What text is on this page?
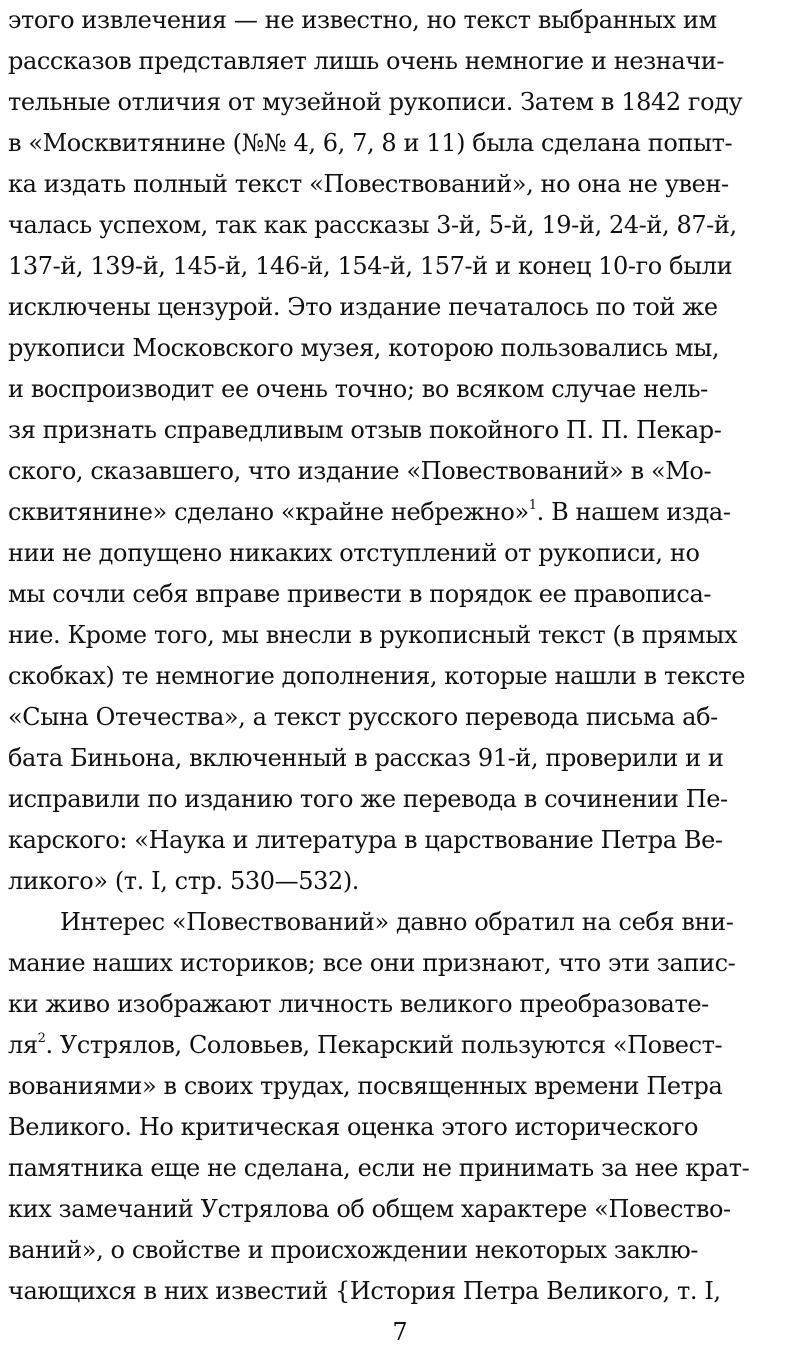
этого извлечения — не известно, но текст выбранных им
рассказов представляет лишь очень немногие и незначи-
тельные отличия от музейной рукописи. Затем в 1842 году
в «Москвитянине (№№ 4, 6, 7, 8 и 11) была сделана попыт-
ка издать полный текст «Повествований», но она не увен-
чалась успехом, так как рассказы 3-й, 5-й, 19-й, 24-й, 87-й,
137-й, 139-й, 145-й, 146-й, 154-й, 157-й и конец 10-го были
исключены цензурой. Это издание печаталось по той же
рукописи Московского музея, которою пользовались мы,
и воспроизводит ее очень точно; во всяком случае нель-
зя признать справедливым отзыв покойного П. П. Пекар-
ского, сказавшего, что издание «Повествований» в «Мо-
сквитянине» сделано «крайне небрежно»$^1$. В нашем изда-
нии не допущено никаких отступлений от рукописи, но
мы сочли себя вправе привести в порядок ее правописа-
ние. Кроме того, мы внесли в рукописный текст (в прямых
скобках) те немногие дополнения, которые нашли в тексте
«Сына Отечества», а текст русского перевода письма аб-
бата Биньона, включенный в рассказ 91-й, проверили и и
исправили по изданию того же перевода в сочинении Пе-
карского: «Наука и литература в царствование Петра Ве-
ликого» (т. I, стр. 530—532).
Интерес «Повествований» давно обратил на себя вни-
мание наших историков; все они признают, что эти запис-
ки живо изображают личность великого преобразовате-
$ля^2$. Устрялов, Соловьев, Пекарский пользуются «Повест-
вованиями» в своих трудах, посвященных времени Петра
Великого. Но критическая оценка этого исторического
памятника еще не сделана, если не принимать за нее крат-
ких замечаний Устрялова об общем характере «Повество-
ваний», о свойстве и происхождении некоторых заклю-
чающихся в них известий {История Петра Великого, т. I,
7
